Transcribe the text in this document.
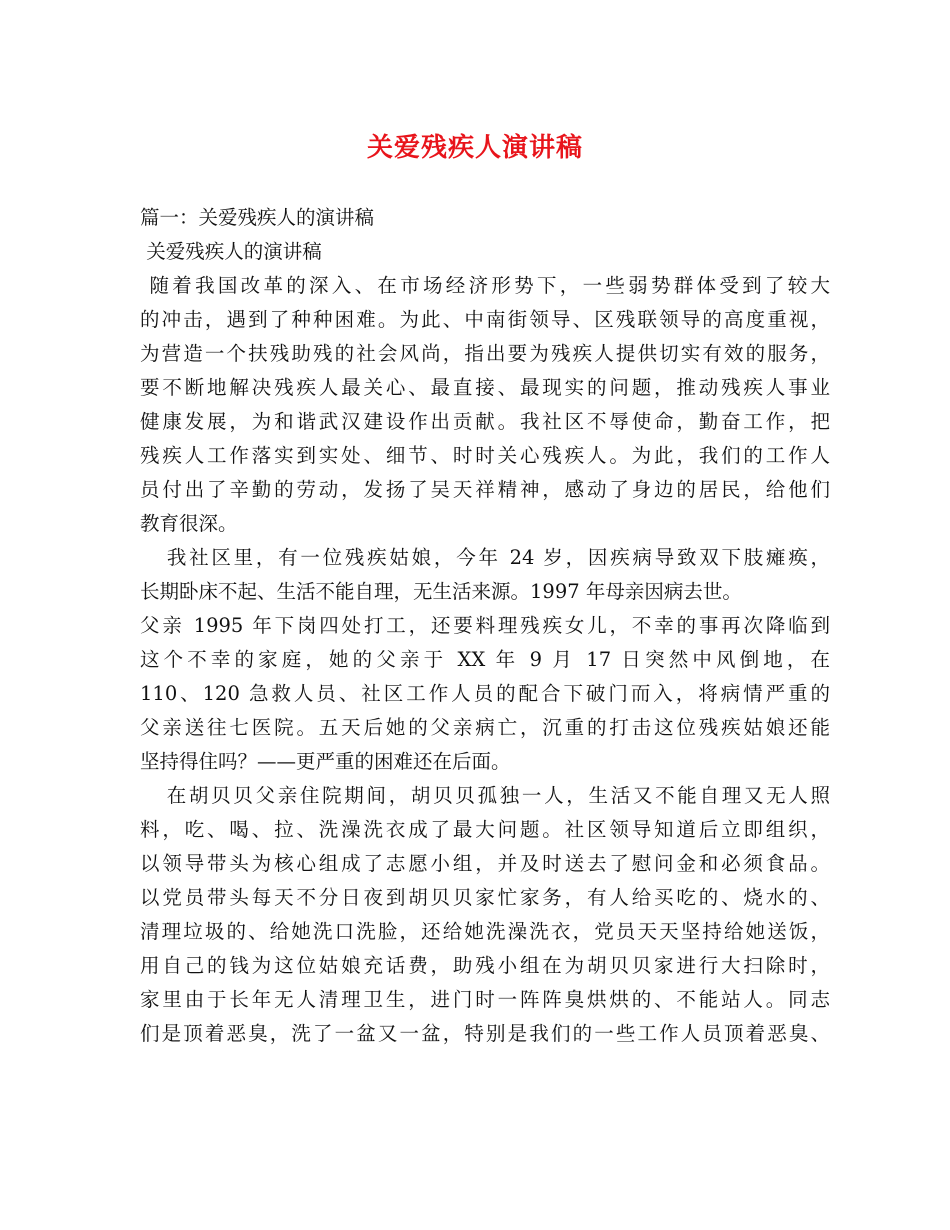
关爱残疾人演讲稿
篇一：关爱残疾人的演讲稿
关爱残疾人的演讲稿
随着我国改革的深入、在市场经济形势下，一些弱势群体受到了较大
的冲击，遇到了种种困难。为此、中南街领导、区残联领导的高度重视，
为营造一个扶残助残的社会风尚，指出要为残疾人提供切实有效的服务，
要不断地解决残疾人最关心、最直接、最现实的问题，推动残疾人事业
健康发展，为和谐武汉建设作出贡献。我社区不辱使命，勤奋工作，把
残疾人工作落实到实处、细节、时时关心残疾人。为此，我们的工作人
员付出了辛勤的劳动，发扬了吴天祥精神，感动了身边的居民，给他们
教育很深。
我社区里，有一位残疾姑娘，今年 24 岁，因疾病导致双下肢瘫痪，
长期卧床不起、生活不能自理，无生活来源。1997 年母亲因病去世。
父亲 1995 年下岗四处打工，还要料理残疾女儿，不幸的事再次降临到
这个不幸的家庭，她的父亲于 XX 年 9 月 17 日突然中风倒地，在
110、120 急救人员、社区工作人员的配合下破门而入，将病情严重的
父亲送往七医院。五天后她的父亲病亡，沉重的打击这位残疾姑娘还能
坚持得住吗？——更严重的困难还在后面。
在胡贝贝父亲住院期间，胡贝贝孤独一人，生活又不能自理又无人照
料，吃、喝、拉、洗澡洗衣成了最大问题。社区领导知道后立即组织，
以领导带头为核心组成了志愿小组，并及时送去了慰问金和必须食品。
以党员带头每天不分日夜到胡贝贝家忙家务，有人给买吃的、烧水的、
清理垃圾的、给她洗口洗脸，还给她洗澡洗衣，党员天天坚持给她送饭，
用自己的钱为这位姑娘充话费，助残小组在为胡贝贝家进行大扫除时，
家里由于长年无人清理卫生，进门时一阵阵臭烘烘的、不能站人。同志
们是顶着恶臭，洗了一盆又一盆，特别是我们的一些工作人员顶着恶臭、
